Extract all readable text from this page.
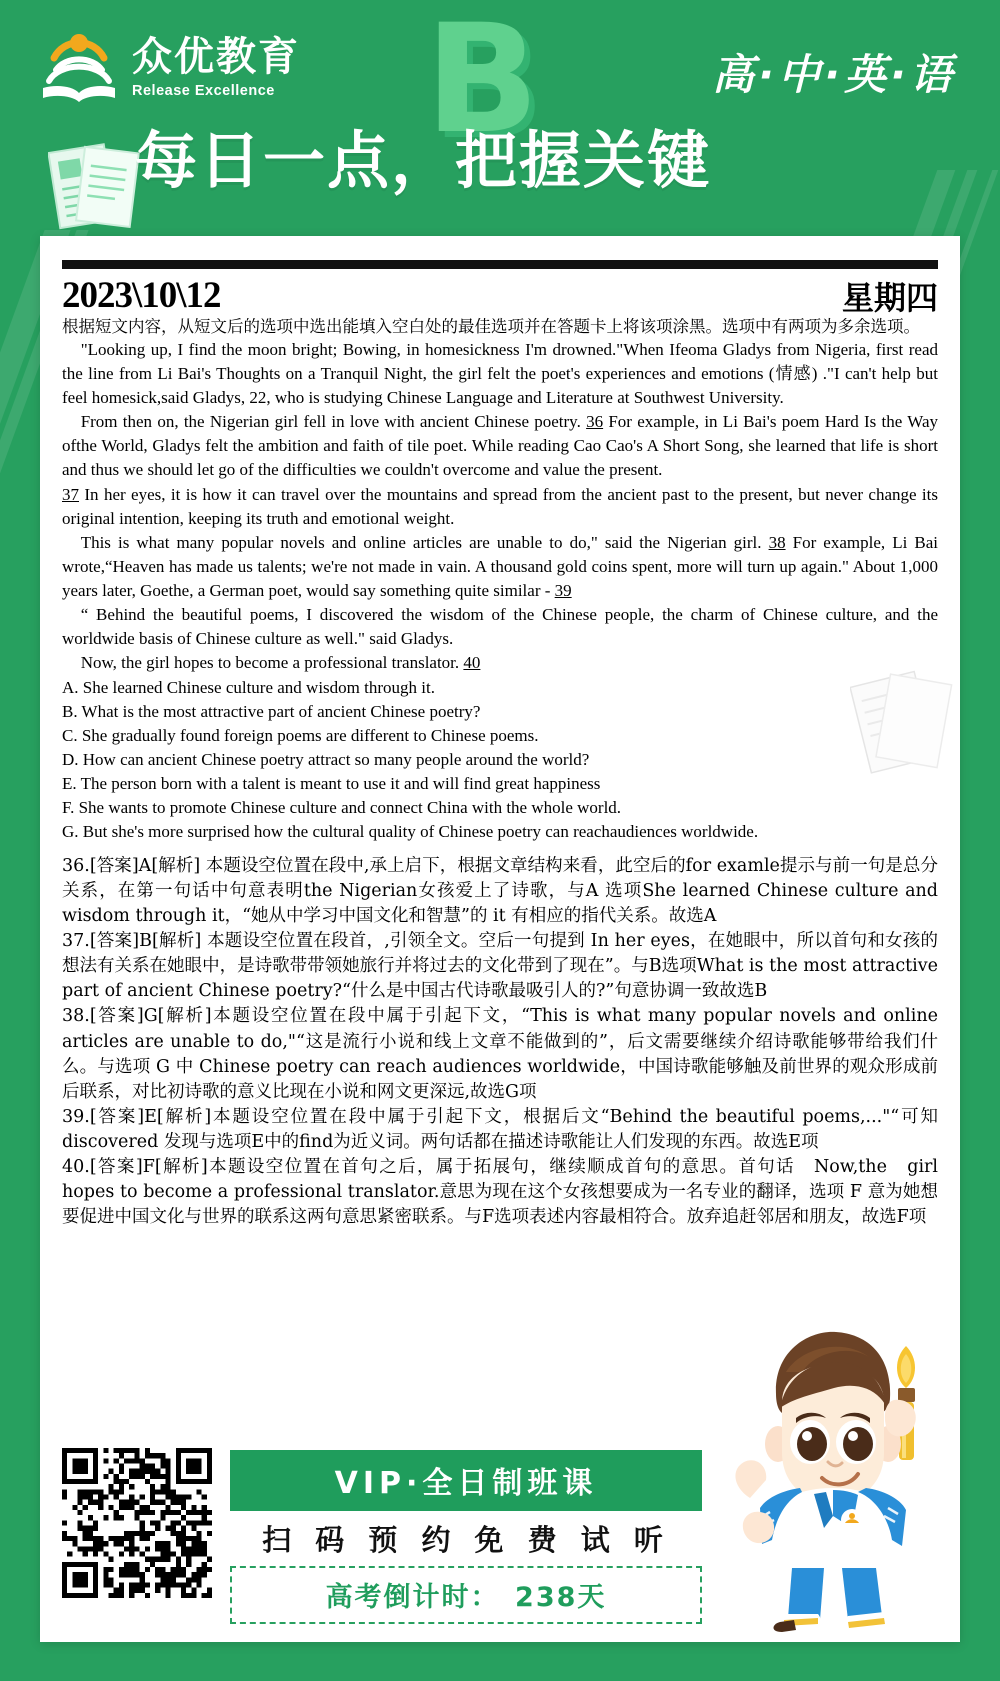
B
众优教育
Release Excellence	高·中·英·语
每日一点，把握关键
2023\10\12	星期四
根据短文内容，从短文后的选项中选出能填入空白处的最佳选项并在答题卡上将该项涂黑。选项中有两项为多余选项。

"Looking up, I find the moon bright; Bowing, in homesickness I'm drowned."When Ifeoma Gladys from Nigeria, first read the line from Li Bai's Thoughts on a Tranquil Night, the girl felt the poet's experiences and emotions (情感) ."I can't help but feel homesick,said Gladys, 22, who is studying Chinese Language and Literature at Southwest University.

From then on, the Nigerian girl fell in love with ancient Chinese poetry. 36 For example, in Li Bai's poem Hard Is the Way ofthe World, Gladys felt the ambition and faith of tile poet. While reading Cao Cao's A Short Song, she learned that life is short and thus we should let go of the difficulties we couldn't overcome and value the present.

37 In her eyes, it is how it can travel over the mountains and spread from the ancient past to the present, but never change its original intention, keeping its truth and emotional weight.

This is what many popular novels and online articles are unable to do," said the Nigerian girl. 38 For example, Li Bai wrote,“Heaven has made us talents; we're not made in vain. A thousand gold coins spent, more will turn up again." About 1,000 years later, Goethe, a German poet, would say something quite similar - 39

“ Behind the beautiful poems, I discovered the wisdom of the Chinese people, the charm of Chinese culture, and the worldwide basis of Chinese culture as well." said Gladys.

Now, the girl hopes to become a professional translator. 40

A. She learned Chinese culture and wisdom through it.

B. What is the most attractive part of ancient Chinese poetry?

C. She gradually found foreign poems are different to Chinese poems.

D. How can ancient Chinese poetry attract so many people around the world?

E. The person born with a talent is meant to use it and will find great happiness

F. She wants to promote Chinese culture and connect China with the whole world.

G. But she's more surprised how the cultural quality of Chinese poetry can reachaudiences worldwide.

36.[答案]A[解析] 本题设空位置在段中,承上启下，根据文章结构来看，此空后的for examle提示与前一句是总分关系，在第一句话中句意表明the Nigerian女孩爱上了诗歌，与A 选项She learned Chinese culture and wisdom through it，“她从中学习中国文化和智慧”的 it 有相应的指代关系。故选A

37.[答案]B[解析] 本题设空位置在段首，,引领全文。空后一句提到 In her eyes，在她眼中，所以首句和女孩的想法有关系在她眼中，是诗歌带带领她旅行并将过去的文化带到了现在”。与B选项What is the most attractive part of ancient Chinese poetry?“什么是中国古代诗歌最吸引人的?”句意协调一致故选B

38.[答案]G[解析]本题设空位置在段中属于引起下文，“This is what many popular novels and online articles are unable to do,"“这是流行小说和线上文章不能做到的”，后文需要继续介绍诗歌能够带给我们什么。与选项 G 中 Chinese poetry can reach audiences worldwide，中国诗歌能够触及前世界的观众形成前后联系，对比初诗歌的意义比现在小说和网文更深远,故选G项

39.[答案]E[解析]本题设空位置在段中属于引起下文，根据后文“Behind the beautiful poems,..."“可知discovered 发现与选项E中的find为近义词。两句话都在描述诗歌能让人们发现的东西。故选E项

40.[答案]F[解析]本题设空位置在首句之后，属于拓展句，继续顺成首句的意思。首句话　Now,the　girl hopes to become a professional translator.意思为现在这个女孩想要成为一名专业的翻译，选项 F 意为她想要促进中国文化与世界的联系这两句意思紧密联系。与F选项表述内容最相符合。放弃追赶邻居和朋友，故选F项

VIP·全日制班课
扫 码 预 约 免 费 试 听
高考倒计时：　238天
